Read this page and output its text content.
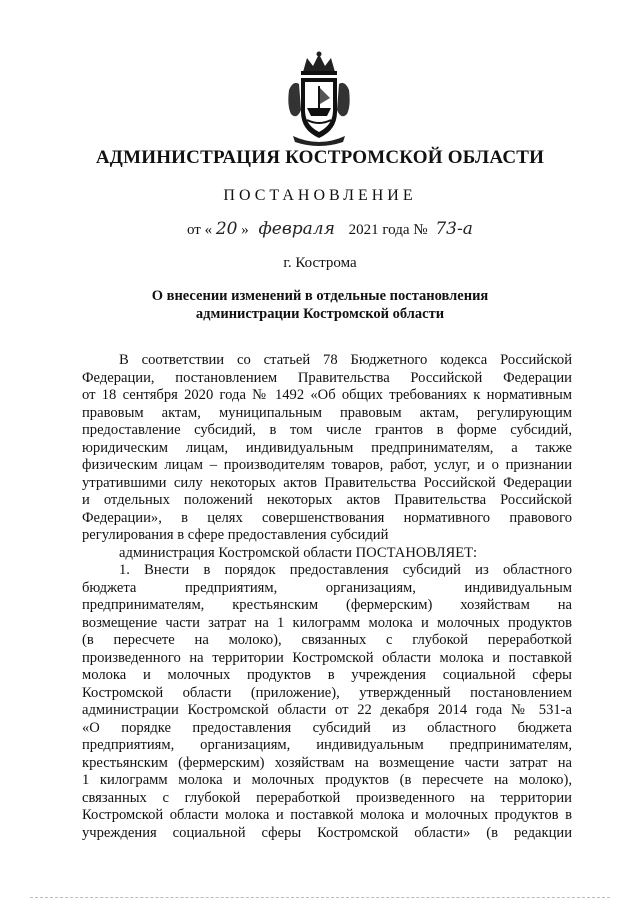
АДМИНИСТРАЦИЯ КОСТРОМСКОЙ ОБЛАСТИ
ПОСТАНОВЛЕНИЕ
от « 20 » февраля 2021 года № 73-а
г. Кострома
О внесении изменений в отдельные постановления
администрации Костромской области

В соответствии со статьей 78 Бюджетного кодекса Российской

Федерации, постановлением Правительства Российской Федерации

от 18 сентября 2020 года № 1492 «Об общих требованиях к нормативным

правовым актам, муниципальным правовым актам, регулирующим

предоставление субсидий, в том числе грантов в форме субсидий,

юридическим лицам, индивидуальным предпринимателям, а также

физическим лицам – производителям товаров, работ, услуг, и о признании

утратившими силу некоторых актов Правительства Российской Федерации

и отдельных положений некоторых актов Правительства Российской

Федерации», в целях совершенствования нормативного правового

регулирования в сфере предоставления субсидий

администрация Костромской области ПОСТАНОВЛЯЕТ:

1. Внести в порядок предоставления субсидий из областного

бюджета предприятиям, организациям, индивидуальным

предпринимателям, крестьянским (фермерским) хозяйствам на

возмещение части затрат на 1 килограмм молока и молочных продуктов

(в пересчете на молоко), связанных с глубокой переработкой

произведенного на территории Костромской области молока и поставкой

молока и молочных продуктов в учреждения социальной сферы

Костромской области (приложение), утвержденный постановлением

администрации Костромской области от 22 декабря 2014 года № 531-а

«О порядке предоставления субсидий из областного бюджета

предприятиям, организациям, индивидуальным предпринимателям,

крестьянским (фермерским) хозяйствам на возмещение части затрат на

1 килограмм молока и молочных продуктов (в пересчете на молоко),

связанных с глубокой переработкой произведенного на территории

Костромской области молока и поставкой молока и молочных продуктов в

учреждения социальной сферы Костромской области» (в редакции
